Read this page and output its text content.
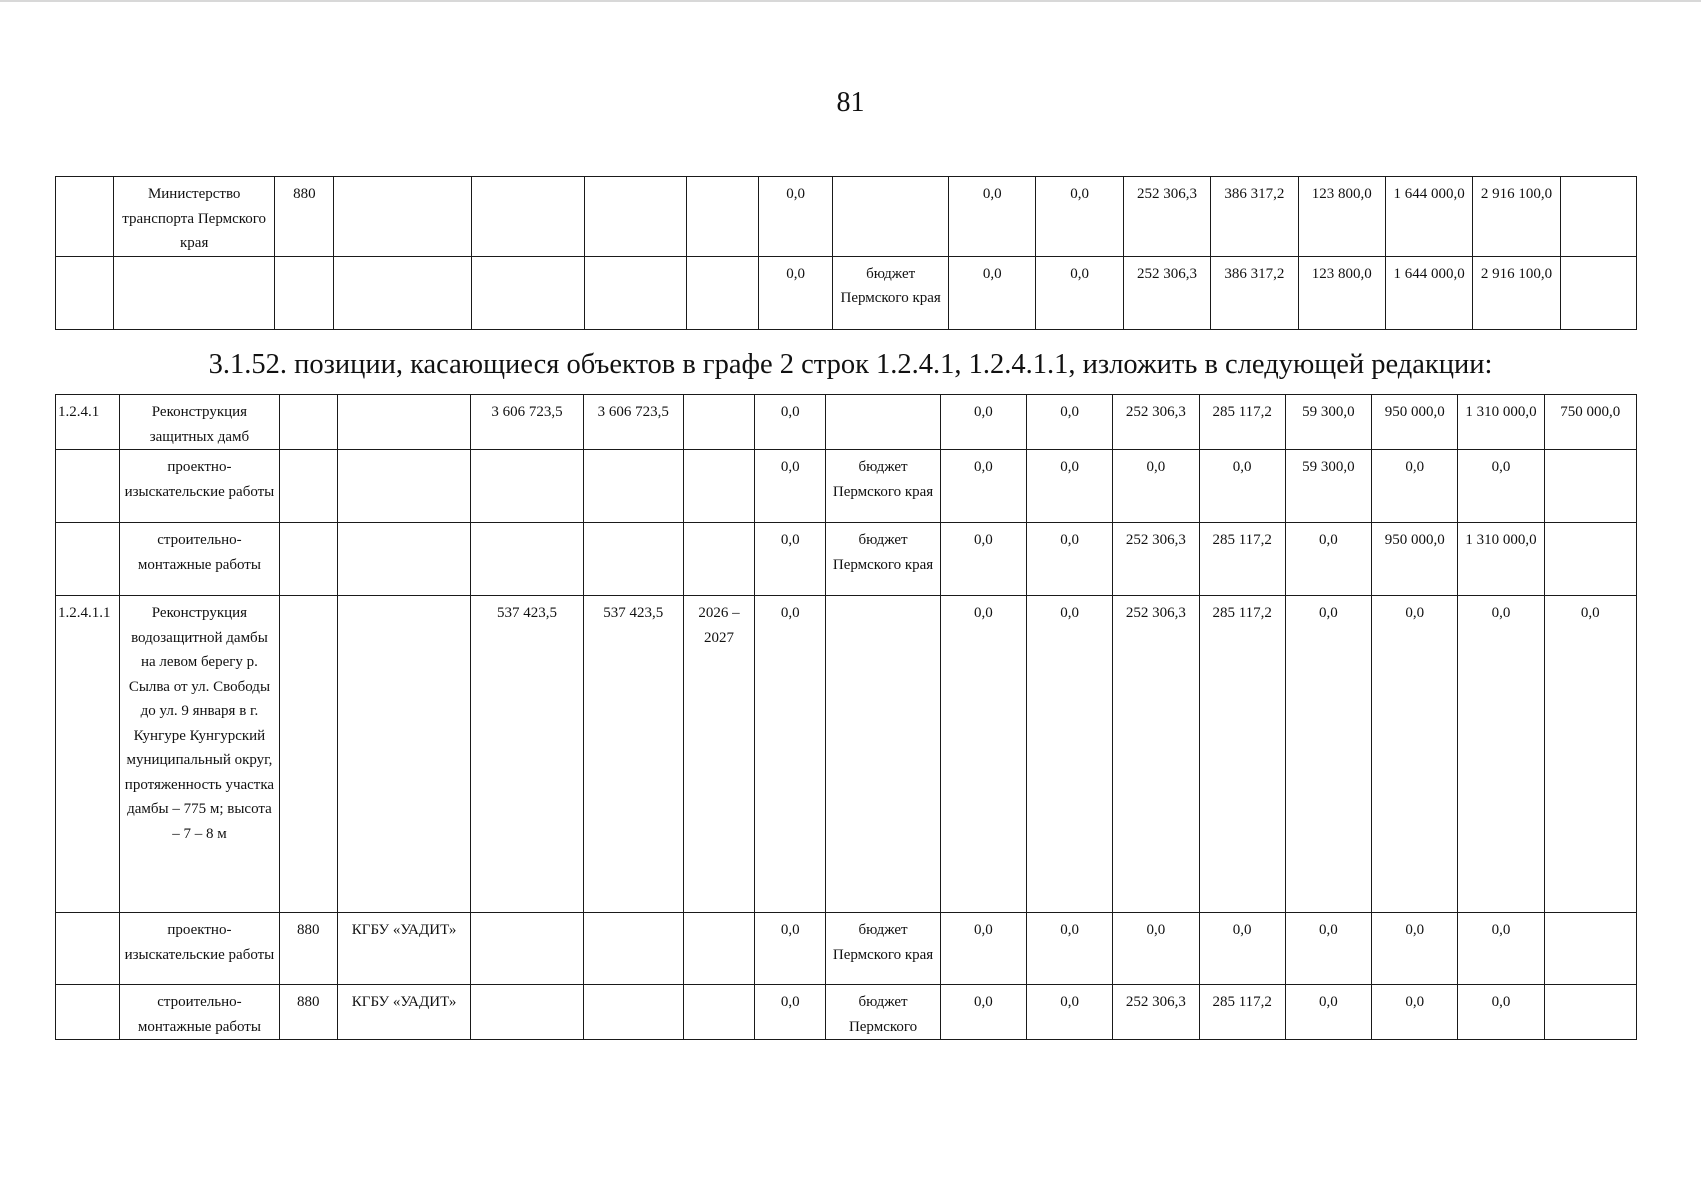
81
	Министерство транспорта Пермского края	880					0,0		0,0	0,0	252 306,3	386 317,2	123 800,0	1 644 000,0	2 916 100,0	
							0,0	бюджет Пермского края	0,0	0,0	252 306,3	386 317,2	123 800,0	1 644 000,0	2 916 100,0	
3.1.52. позиции, касающиеся объектов в графе 2 строк 1.2.4.1, 1.2.4.1.1, изложить в следующей редакции:
1.2.4.1	Реконструкция защитных дамб			3 606 723,5	3 606 723,5		0,0		0,0	0,0	252 306,3	285 117,2	59 300,0	950 000,0	1 310 000,0	750 000,0
	проектно-изыскательские работы						0,0	бюджет Пермского края	0,0	0,0	0,0	0,0	59 300,0	0,0	0,0	
	строительно-монтажные работы						0,0	бюджет Пермского края	0,0	0,0	252 306,3	285 117,2	0,0	950 000,0	1 310 000,0	
1.2.4.1.1	Реконструкция водозащитной дамбы на левом берегу р. Сылва от ул. Свободы до ул. 9 января в г. Кунгуре Кунгурский муниципальный округ, протяженность участка дамбы – 775 м; высота – 7 – 8 м			537 423,5	537 423,5	2026 – 2027	0,0		0,0	0,0	252 306,3	285 117,2	0,0	0,0	0,0	0,0
	проектно-изыскательские работы	880	КГБУ «УАДИТ»				0,0	бюджет Пермского края	0,0	0,0	0,0	0,0	0,0	0,0	0,0	
	строительно-монтажные работы	880	КГБУ «УАДИТ»				0,0	бюджет Пермского	0,0	0,0	252 306,3	285 117,2	0,0	0,0	0,0	
